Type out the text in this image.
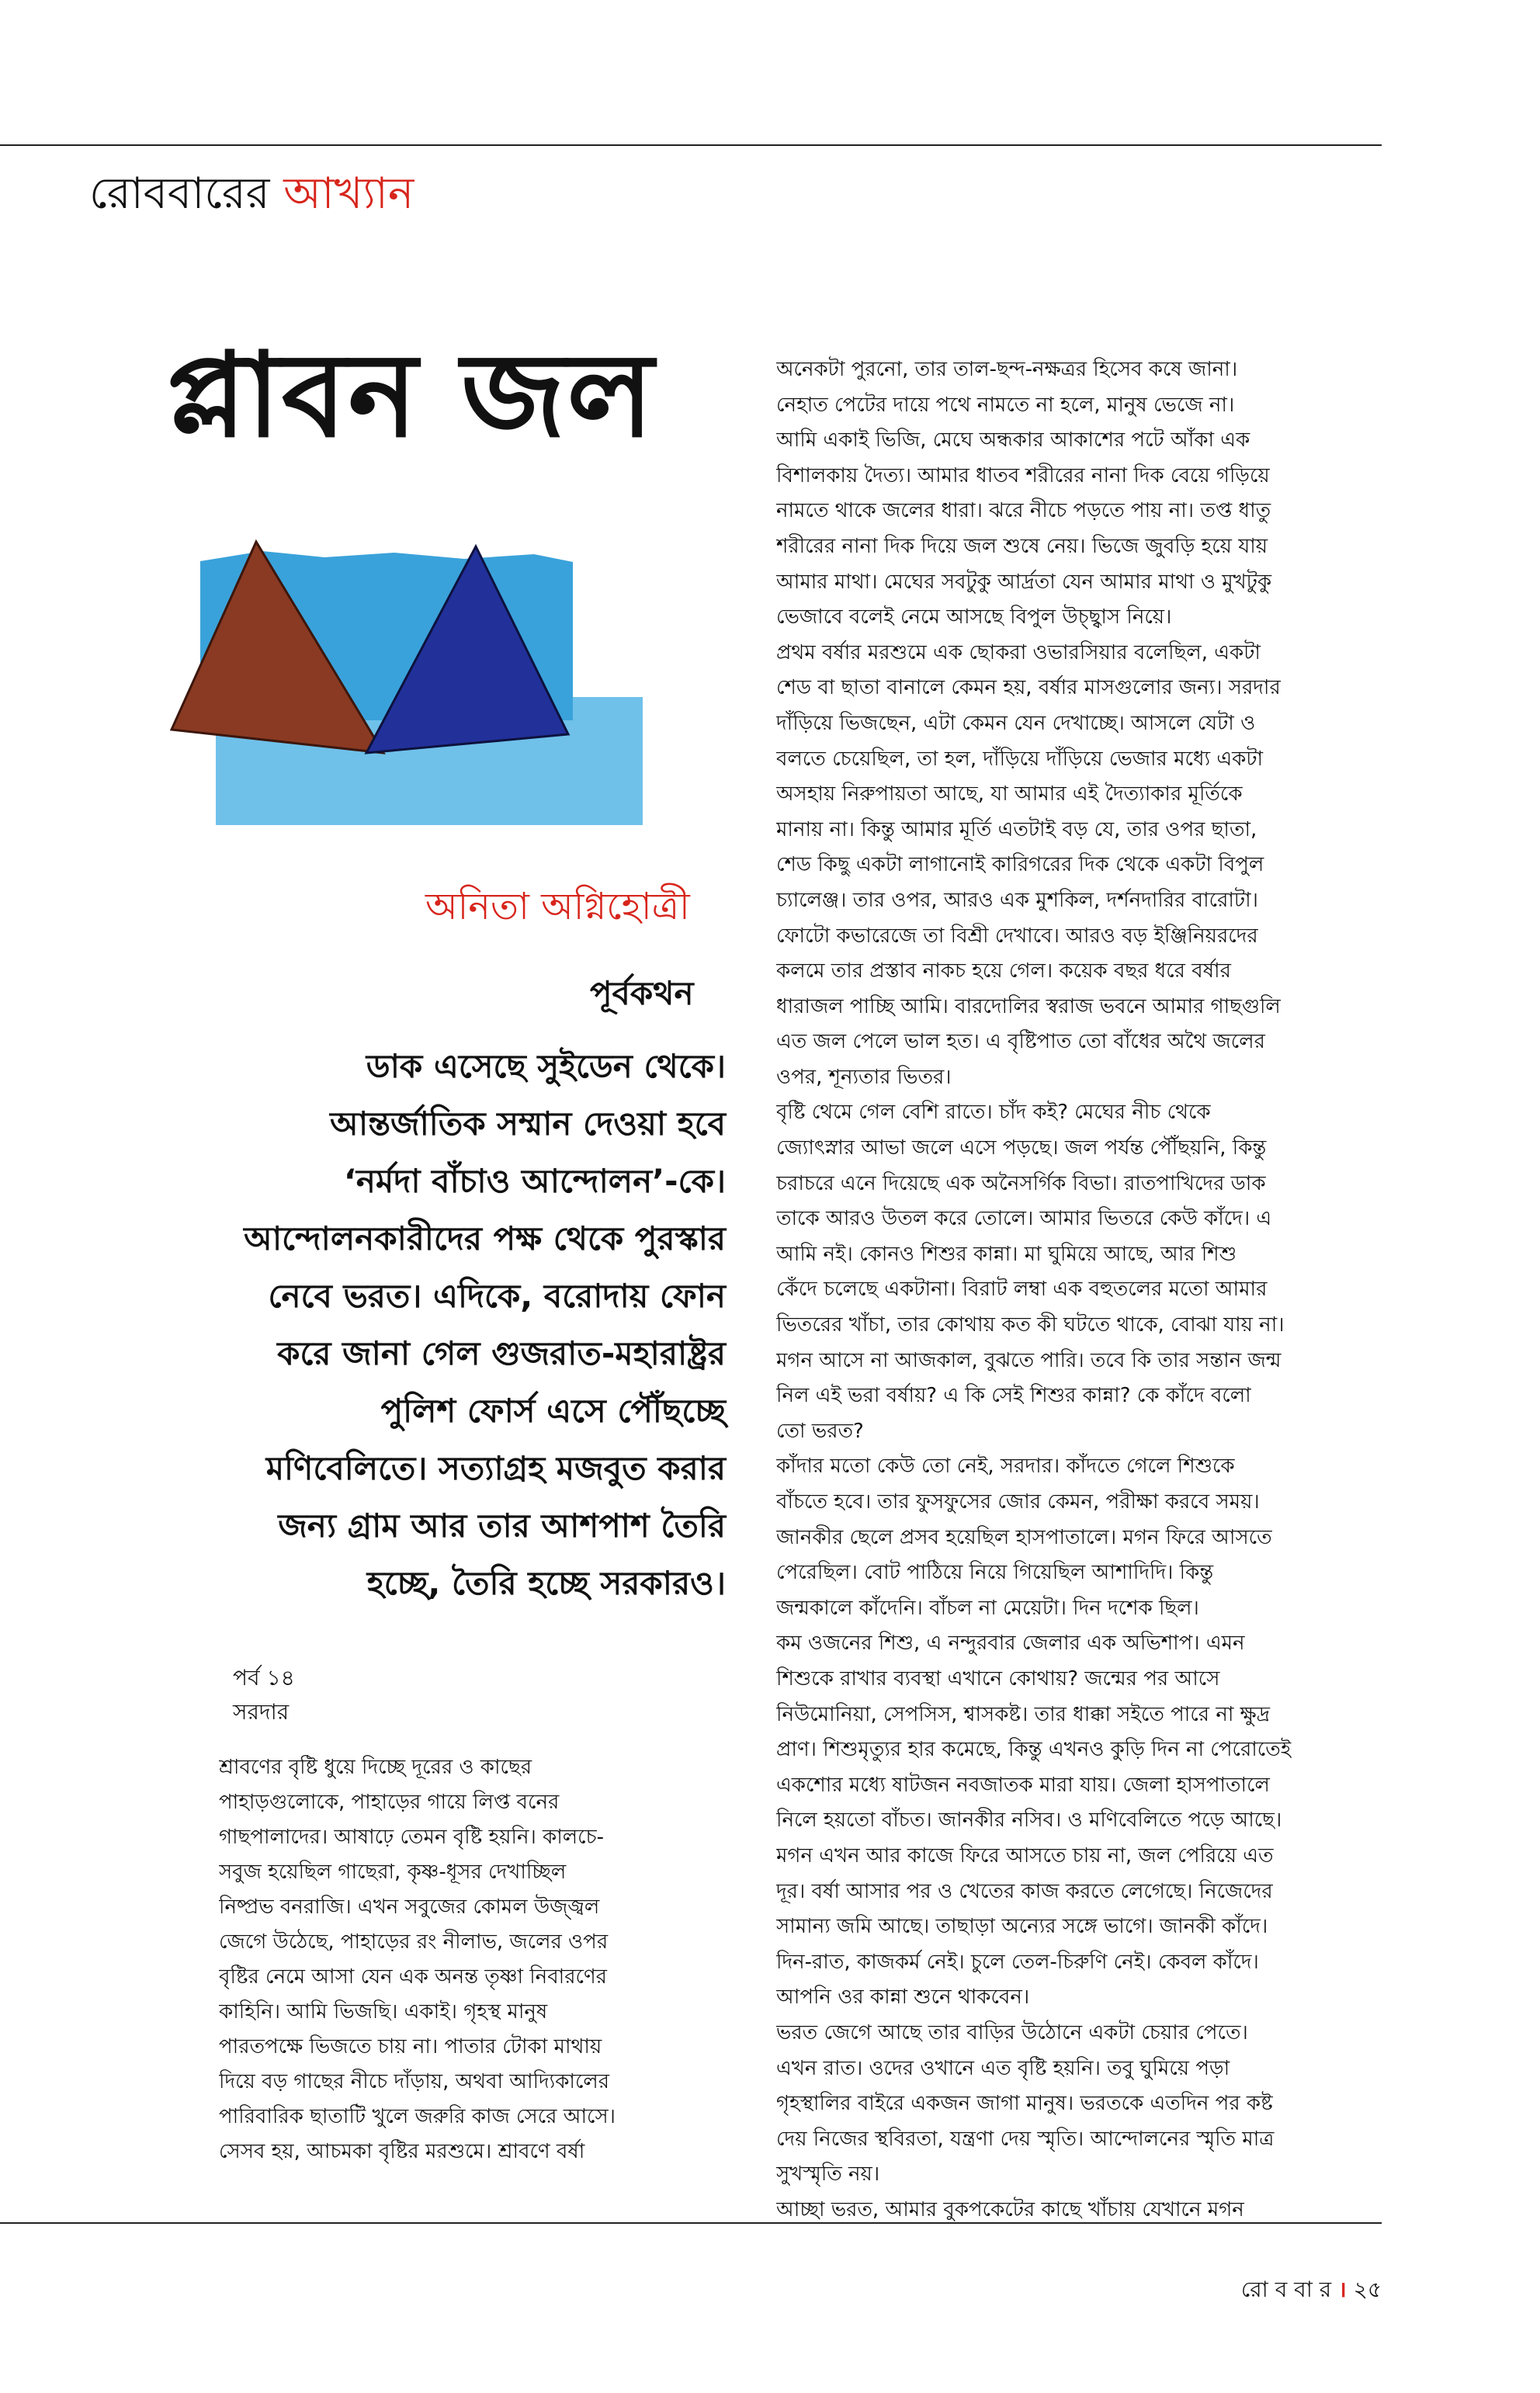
রোববারের আখ্যান
প্লাবন জল
অনিতা অগ্নিহোত্রী
পূর্বকথন
ডাক এসেছে সুইডেন থেকে।
আন্তর্জাতিক সম্মান দেওয়া হবে
‘নর্মদা বাঁচাও আন্দোলন’-কে।
আন্দোলনকারীদের পক্ষ থেকে পুরস্কার
নেবে ভরত। এদিকে, বরোদায় ফোন
করে জানা গেল গুজরাত-মহারাষ্ট্রর
পুলিশ ফোর্স এসে পৌঁছচ্ছে
মণিবেলিতে। সত্যাগ্রহ মজবুত করার
জন্য গ্রাম আর তার আশপাশ তৈরি
হচ্ছে, তৈরি হচ্ছে সরকারও।
পর্ব ১৪
সরদার
শ্রাবণের বৃষ্টি ধুয়ে দিচ্ছে দূরের ও কাছের
পাহাড়গুলোকে, পাহাড়ের গায়ে লিপ্ত বনের
গাছপালাদের। আষাঢ়ে তেমন বৃষ্টি হয়নি। কালচে-
সবুজ হয়েছিল গাছেরা, কৃষ্ণ-ধূসর দেখাচ্ছিল
নিষ্প্রভ বনরাজি। এখন সবুজের কোমল উজ্জ্বল
জেগে উঠেছে, পাহাড়ের রং নীলাভ, জলের ওপর
বৃষ্টির নেমে আসা যেন এক অনন্ত তৃষ্ণা নিবারণের
কাহিনি। আমি ভিজছি। একাই। গৃহস্থ মানুষ
পারতপক্ষে ভিজতে চায় না। পাতার টোকা মাথায়
দিয়ে বড় গাছের নীচে দাঁড়ায়, অথবা আদ্যিকালের
পারিবারিক ছাতাটি খুলে জরুরি কাজ সেরে আসে।
সেসব হয়, আচমকা বৃষ্টির মরশুমে। শ্রাবণে বর্ষা
অনেকটা পুরনো, তার তাল-ছন্দ-নক্ষত্রর হিসেব কষে জানা।
নেহাত পেটের দায়ে পথে নামতে না হলে, মানুষ ভেজে না।
আমি একাই ভিজি, মেঘে অন্ধকার আকাশের পটে আঁকা এক
বিশালকায় দৈত্য। আমার ধাতব শরীরের নানা দিক বেয়ে গড়িয়ে
নামতে থাকে জলের ধারা। ঝরে নীচে পড়তে পায় না। তপ্ত ধাতু
শরীরের নানা দিক দিয়ে জল শুষে নেয়। ভিজে জুবড়ি হয়ে যায়
আমার মাথা। মেঘের সবটুকু আর্দ্রতা যেন আমার মাথা ও মুখটুকু
ভেজাবে বলেই নেমে আসছে বিপুল উচ্ছ্বাস নিয়ে।
প্রথম বর্ষার মরশুমে এক ছোকরা ওভারসিয়ার বলেছিল, একটা
শেড বা ছাতা বানালে কেমন হয়, বর্ষার মাসগুলোর জন্য। সরদার
দাঁড়িয়ে ভিজছেন, এটা কেমন যেন দেখাচ্ছে। আসলে যেটা ও
বলতে চেয়েছিল, তা হল, দাঁড়িয়ে দাঁড়িয়ে ভেজার মধ্যে একটা
অসহায় নিরুপায়তা আছে, যা আমার এই দৈত্যাকার মূর্তিকে
মানায় না। কিন্তু আমার মূর্তি এতটাই বড় যে, তার ওপর ছাতা,
শেড কিছু একটা লাগানোই কারিগরের দিক থেকে একটা বিপুল
চ্যালেঞ্জ। তার ওপর, আরও এক মুশকিল, দর্শনদারির বারোটা।
ফোটো কভারেজে তা বিশ্রী দেখাবে। আরও বড় ইঞ্জিনিয়রদের
কলমে তার প্রস্তাব নাকচ হয়ে গেল। কয়েক বছর ধরে বর্ষার
ধারাজল পাচ্ছি আমি। বারদোলির স্বরাজ ভবনে আমার গাছগুলি
এত জল পেলে ভাল হত। এ বৃষ্টিপাত তো বাঁধের অথৈ জলের
ওপর, শূন্যতার ভিতর।
বৃষ্টি থেমে গেল বেশি রাতে। চাঁদ কই? মেঘের নীচ থেকে
জ্যোৎস্নার আভা জলে এসে পড়ছে। জল পর্যন্ত পৌঁছয়নি, কিন্তু
চরাচরে এনে দিয়েছে এক অনৈসর্গিক বিভা। রাতপাখিদের ডাক
তাকে আরও উতল করে তোলে। আমার ভিতরে কেউ কাঁদে। এ
আমি নই। কোনও শিশুর কান্না। মা ঘুমিয়ে আছে, আর শিশু
কেঁদে চলেছে একটানা। বিরাট লম্বা এক বহুতলের মতো আমার
ভিতরের খাঁচা, তার কোথায় কত কী ঘটতে থাকে, বোঝা যায় না।
মগন আসে না আজকাল, বুঝতে পারি। তবে কি তার সন্তান জন্ম
নিল এই ভরা বর্ষায়? এ কি সেই শিশুর কান্না? কে কাঁদে বলো
তো ভরত?
কাঁদার মতো কেউ তো নেই, সরদার। কাঁদতে গেলে শিশুকে
বাঁচতে হবে। তার ফুসফুসের জোর কেমন, পরীক্ষা করবে সময়।
জানকীর ছেলে প্রসব হয়েছিল হাসপাতালে। মগন ফিরে আসতে
পেরেছিল। বোট পাঠিয়ে নিয়ে গিয়েছিল আশাদিদি। কিন্তু
জন্মকালে কাঁদেনি। বাঁচল না মেয়েটা। দিন দশেক ছিল।
কম ওজনের শিশু, এ নন্দুরবার জেলার এক অভিশাপ। এমন
শিশুকে রাখার ব্যবস্থা এখানে কোথায়? জন্মের পর আসে
নিউমোনিয়া, সেপসিস, শ্বাসকষ্ট। তার ধাক্কা সইতে পারে না ক্ষুদ্র
প্রাণ। শিশুমৃত্যুর হার কমেছে, কিন্তু এখনও কুড়ি দিন না পেরোতেই
একশোর মধ্যে ষাটজন নবজাতক মারা যায়। জেলা হাসপাতালে
নিলে হয়তো বাঁচত। জানকীর নসিব। ও মণিবেলিতে পড়ে আছে।
মগন এখন আর কাজে ফিরে আসতে চায় না, জল পেরিয়ে এত
দূর। বর্ষা আসার পর ও খেতের কাজ করতে লেগেছে। নিজেদের
সামান্য জমি আছে। তাছাড়া অন্যের সঙ্গে ভাগে। জানকী কাঁদে।
দিন-রাত, কাজকর্ম নেই। চুলে তেল-চিরুণি নেই। কেবল কাঁদে।
আপনি ওর কান্না শুনে থাকবেন।
ভরত জেগে আছে তার বাড়ির উঠোনে একটা চেয়ার পেতে।
এখন রাত। ওদের ওখানে এত বৃষ্টি হয়নি। তবু ঘুমিয়ে পড়া
গৃহস্থালির বাইরে একজন জাগা মানুষ। ভরতকে এতদিন পর কষ্ট
দেয় নিজের স্থবিরতা, যন্ত্রণা দেয় স্মৃতি। আন্দোলনের স্মৃতি মাত্র
সুখস্মৃতি নয়।
আচ্ছা ভরত, আমার বুকপকেটের কাছে খাঁচায় যেখানে মগন
রো ব বা র । ২৫
